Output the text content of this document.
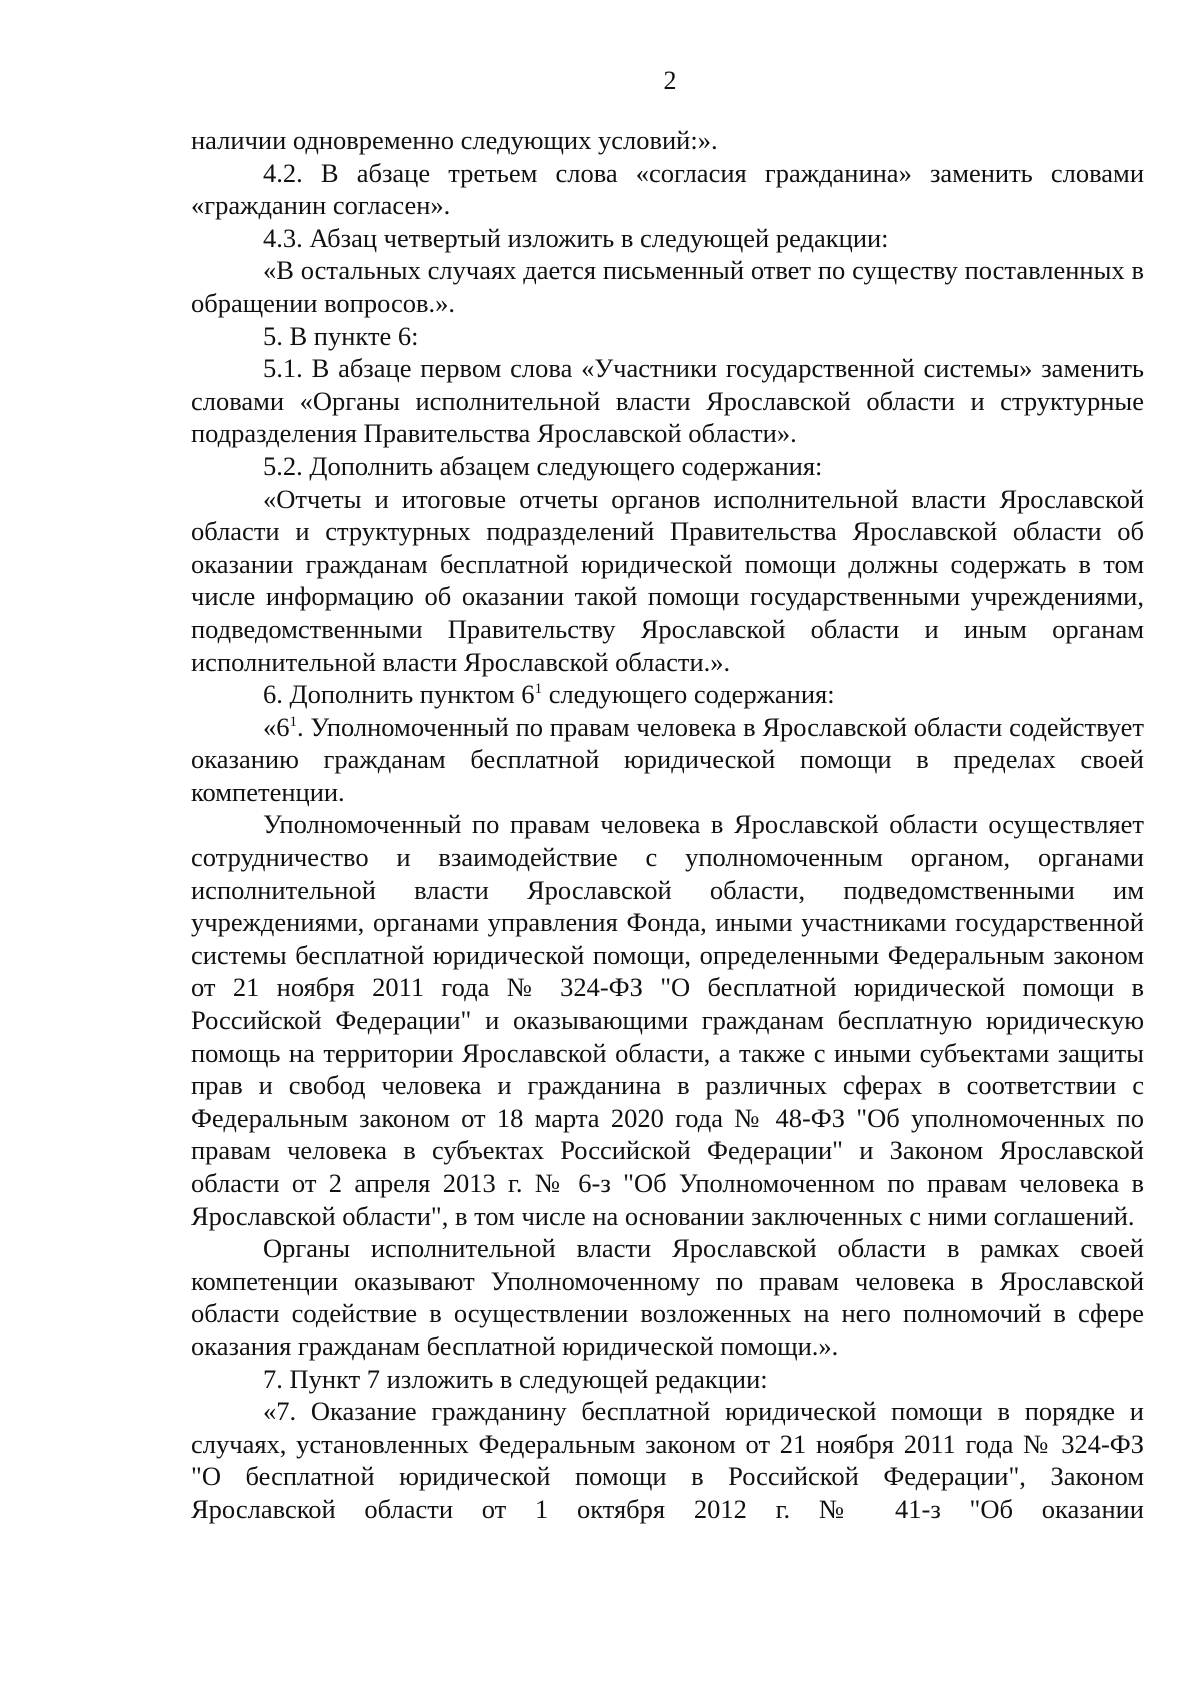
2

наличии одновременно следующих условий:».

4.2. В абзаце третьем слова «согласия гражданина» заменить словами «гражданин согласен».

4.3. Абзац четвертый изложить в следующей редакции:

«В остальных случаях дается письменный ответ по существу поставленных в обращении вопросов.».

5. В пункте 6:

5.1. В абзаце первом слова «Участники государственной системы» заменить словами «Органы исполнительной власти Ярославской области и структурные подразделения Правительства Ярославской области».

5.2. Дополнить абзацем следующего содержания:

«Отчеты и итоговые отчеты органов исполнительной власти Ярославской области и структурных подразделений Правительства Ярославской области об оказании гражданам бесплатной юридической помощи должны содержать в том числе информацию об оказании такой помощи государственными учреждениями, подведомственными Правительству Ярославской области и иным органам исполнительной власти Ярославской области.».

6. Дополнить пунктом $6^1$ следующего содержания:

«$6^1$. Уполномоченный по правам человека в Ярославской области содействует оказанию гражданам бесплатной юридической помощи в пределах своей компетенции.

Уполномоченный по правам человека в Ярославской области осуществляет сотрудничество и взаимодействие с уполномоченным органом, органами исполнительной власти Ярославской области, подведомственными им учреждениями, органами управления Фонда, иными участниками государственной системы бесплатной юридической помощи, определенными Федеральным законом от 21 ноября 2011 года № 324-ФЗ "О бесплатной юридической помощи в Российской Федерации" и оказывающими гражданам бесплатную юридическую помощь на территории Ярославской области, а также с иными субъектами защиты прав и свобод человека и гражданина в различных сферах в соответствии с Федеральным законом от 18 марта 2020 года № 48-ФЗ "Об уполномоченных по правам человека в субъектах Российской Федерации" и Законом Ярославской области от 2 апреля 2013 г. № 6-з "Об Уполномоченном по правам человека в Ярославской области", в том числе на основании заключенных с ними соглашений.

Органы исполнительной власти Ярославской области в рамках своей компетенции оказывают Уполномоченному по правам человека в Ярославской области содействие в осуществлении возложенных на него полномочий в сфере оказания гражданам бесплатной юридической помощи.».

7. Пункт 7 изложить в следующей редакции:

«7. Оказание гражданину бесплатной юридической помощи в порядке и случаях, установленных Федеральным законом от 21 ноября 2011 года № 324-ФЗ "О бесплатной юридической помощи в Российской Федерации", Законом Ярославской области от 1 октября 2012 г. № 41-з "Об оказании
